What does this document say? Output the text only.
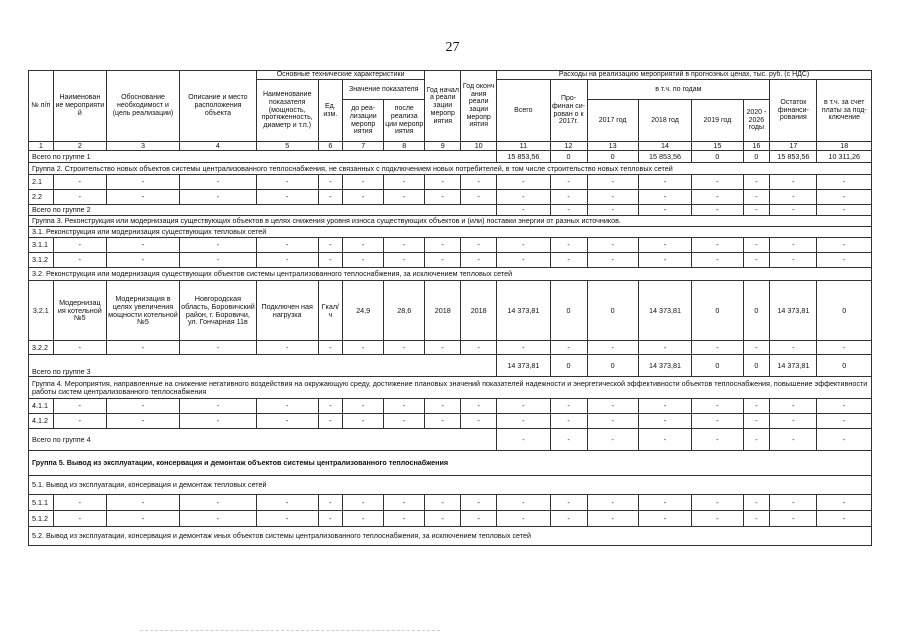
27
№ п/п	Наименован ие мероприяти й	Обоснование необходимост и (цель реализации)	Описание и место расположения объекта	Основные технические характеристики				Год начал а реали зации меропр иятия	Год оконч ания реали зации меропр иятия	Расходы на реализацию мероприятий в прогнозных ценах, тыс. руб. (с НДС)							
				Наименование показателя (мощность, протяженность, диаметр и т.п.)	Ед. изм.	Значение показателя				Всего	Про- финан си- рован о к 2017г.	в т.ч. по годам				Остаток финанси- рования	в т.ч. за счет платы за под- ключение
						до реа- лизации меропр иятия	после реализа ции меропр иятия					2017 год	2018 год	2019 год	2020 - 2026 годы		

1	2	3	4	5	6	7	8	9	10	11	12	13	14	15	16	17	18
Всего по группе 1										15 853,56	0	0	15 853,56	0	0	15 853,56	10 311,26
Группа 2. Строительство новых объектов системы централизованного теплоснабжения, не связанных с подключением новых потребителей, в том числе строительство новых тепловых сетей																	
2.1	-	-	-	-	-	-	-	-	-	-	-	-	-	-	-	-	-
2.2	-	-	-	-	-	-	-	-	-	-	-	-	-	-	-	-	-
Всего по группе 2										-	-	-	-	-	-	-	-
Группа 3. Реконструкция или модернизация существующих объектов в целях снижения уровня износа существующих объектов и (или) поставки энергии от разных источников.																	
3.1. Реконструкция или модернизация существующих тепловых сетей																	
3.1.1	-	-	-	-	-	-	-	-	-	-	-	-	-	-	-	-	-
3.1.2	-	-	-	-	-	-	-	-	-	-	-	-	-	-	-	-	-
3.2. Реконструкция или модернизация существующих объектов системы централизованного теплоснабжения, за исключением тепловых сетей																	
3.2.1	Модернизац ия котельной №5	Модернизация в целях увеличения мощности котельной №5	Новгородская область, Боровичский район, г. Боровичи, ул. Гончарная 11в	Подключен ная нагрузка	Гкал/ ч	24,9	28,6	2018	2018	14 373,81	0	0	14 373,81	0	0	14 373,81	0
3.2.2	-	-	-	-	-	-	-	-	-	-	-	-	-	-	-	-	-
Всего по группе 3										14 373,81	0	0	14 373,81	0	0	14 373,81	0
Группа 4. Мероприятия, направленные на снижение негативного воздействия на окружающую среду, достижение плановых значений показателей надежности и энергетической эффективности объектов теплоснабжения, повышение эффективности работы систем централизованного теплоснабжения																	
4.1.1	-	-	-	-	-	-	-	-	-	-	-	-	-	-	-	-	-
4.1.2	-	-	-	-	-	-	-	-	-	-	-	-	-	-	-	-	-
Всего по группе 4										-	-	-	-	-	-	-	-
Группа 5. Вывод из эксплуатации, консервация и демонтаж объектов системы централизованного теплоснабжения																	
5.1. Вывод из эксплуатации, консервация и демонтаж тепловых сетей																	
5.1.1	-	-	-	-	-	-	-	-	-	-	-	-	-	-	-	-	-
5.1.2	-	-	-	-	-	-	-	-	-	-	-	-	-	-	-	-	-
5.2. Вывод из эксплуатации, консервация и демонтаж иных объектов системы централизованного теплоснабжения, за исключением тепловых сетей																	
